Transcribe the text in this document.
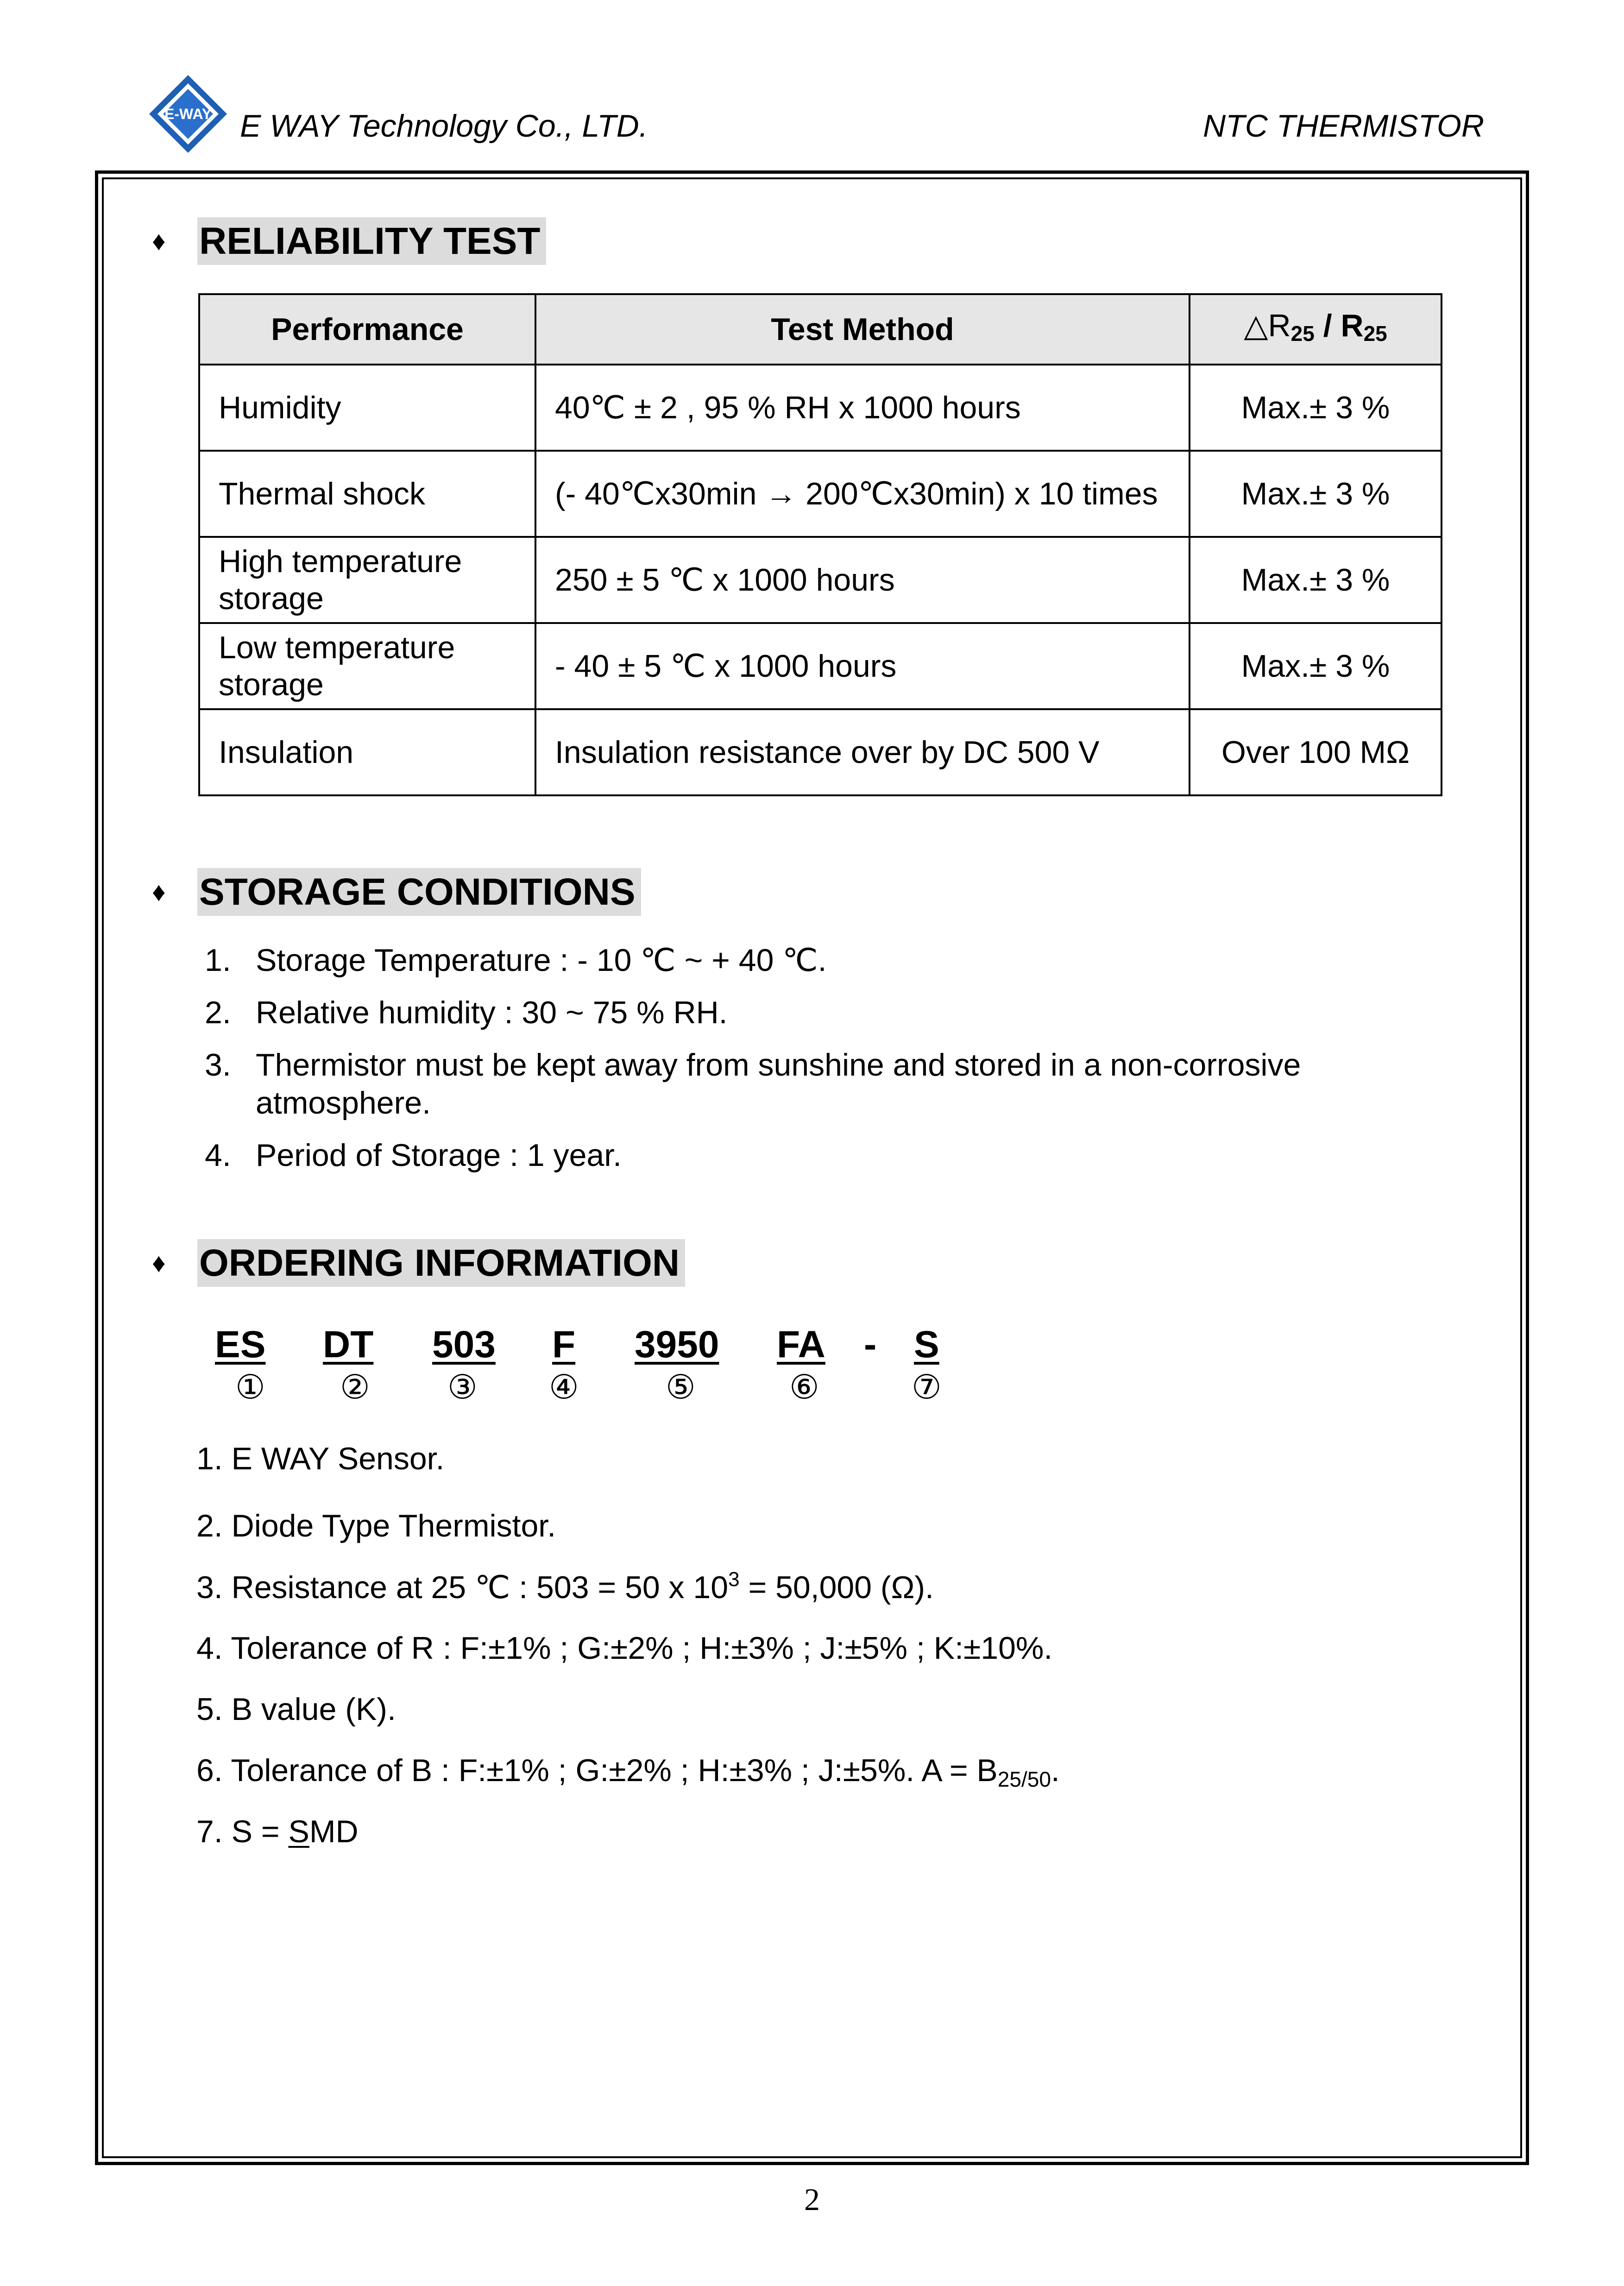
E-WAY E WAY Technology Co., LTD.	NTC THERMISTOR
♦ RELIABILITY TEST
Performance	Test Method	$\triangle R_{25} / R_{25}$
Humidity	40℃ ± 2 , 95 % RH x 1000 hours	Max.± 3 %
Thermal shock	(- 40℃x30min → 200℃x30min) x 10 times	Max.± 3 %
High temperature storage	250 ± 5 ℃ x 1000 hours	Max.± 3 %
Low temperature storage	- 40 ± 5 ℃ x 1000 hours	Max.± 3 %
Insulation	Insulation resistance over by DC 500 V	Over 100 MΩ
♦ STORAGE CONDITIONS
1. Storage Temperature : - 10 ℃ ~ + 40 ℃.
2. Relative humidity : 30 ~ 75 % RH.
3. Thermistor must be kept away from sunshine and stored in a non-corrosive atmosphere.
4. Period of Storage : 1 year.
♦ ORDERING INFORMATION
ES DT 503 F 3950 FA - S
① ② ③ ④	⑤	⑥	⑦
1. E WAY Sensor.
2. Diode Type Thermistor.
3. Resistance at 25 ℃ : 503 = 50 x $10^3 = 50,000$ (Ω).
4. Tolerance of R : F:±1% ; G:±2% ; H:±3% ; J:±5% ; K:±10%.
5. B value (K).
6. Tolerance of B : F:±1% ; G:±2% ; H:±3% ; J:±5%. A = B25/50.
7. S = SMD
2
